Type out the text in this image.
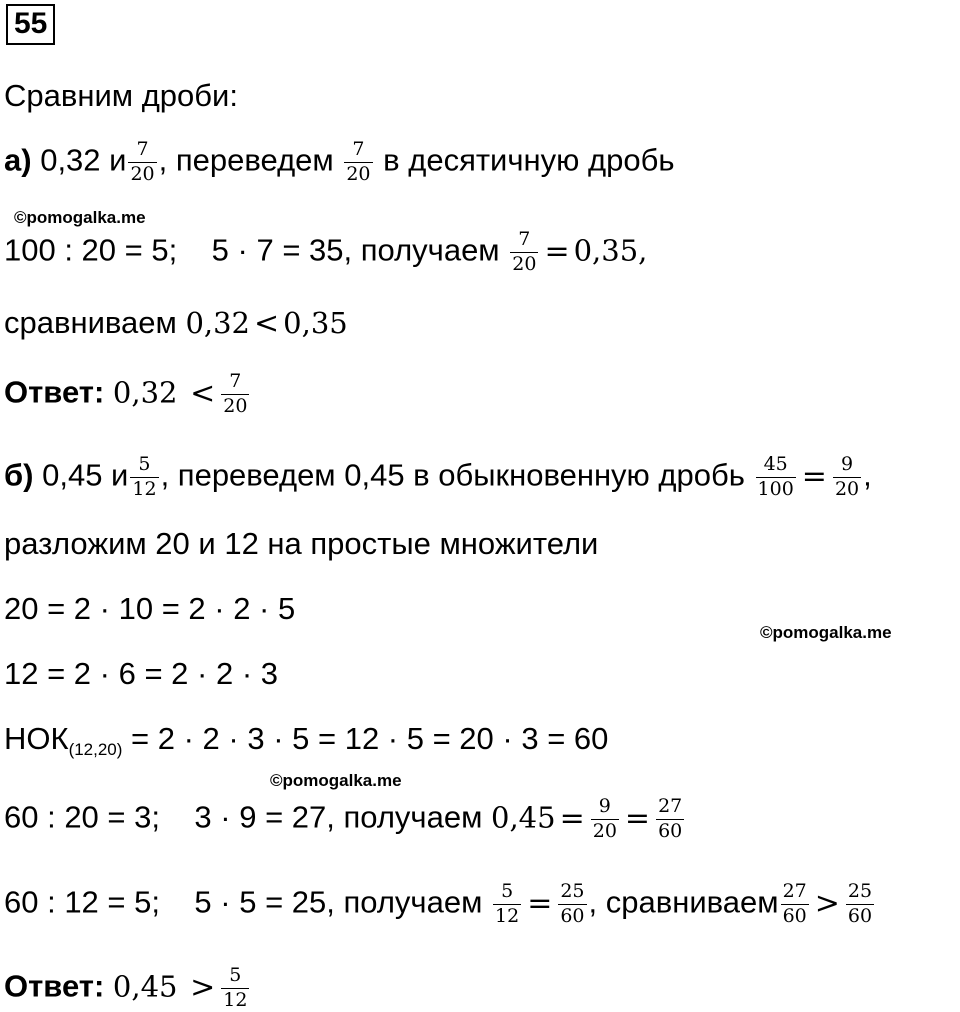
55
Сравним дроби:
а) 0,32 и $\frac{7}{20}$ , переведем $\frac{7}{20}$ в десятичную дробь
©pomogalka.me
100 : 20 = 5;    5 · 7 = 35, получаем $\frac{7}{20} = 0,35$,
сравниваем 0,32 < 0,35
Ответ: $0,32 < \frac{7}{20}$
б) 0,45 и $\frac{5}{12}$ , переведем 0,45 в обыкновенную дробь $\frac{45}{100} = \frac{9}{20}$ ,
разложим 20 и 12 на простые множители
20 = 2 · 10 = 2 · 2 · 5
©pomogalka.me
12 = 2 · 6 = 2 · 2 · 3
$НОК_{(12,20)} = 2 \cdot 2 \cdot 3 \cdot 5 = 12 \cdot 5 = 20 \cdot 3 = 60$
©pomogalka.me
60 : 20 = 3;    3 · 9 = 27, получаем $0,45 = \frac{9}{20} = \frac{27}{60}$
60 : 12 = 5;    5 · 5 = 25, получаем $\frac{5}{12} = \frac{25}{60}$ , сравниваем $\frac{27}{60} > \frac{25}{60}$
Ответ: $0,45 > \frac{5}{12}$
